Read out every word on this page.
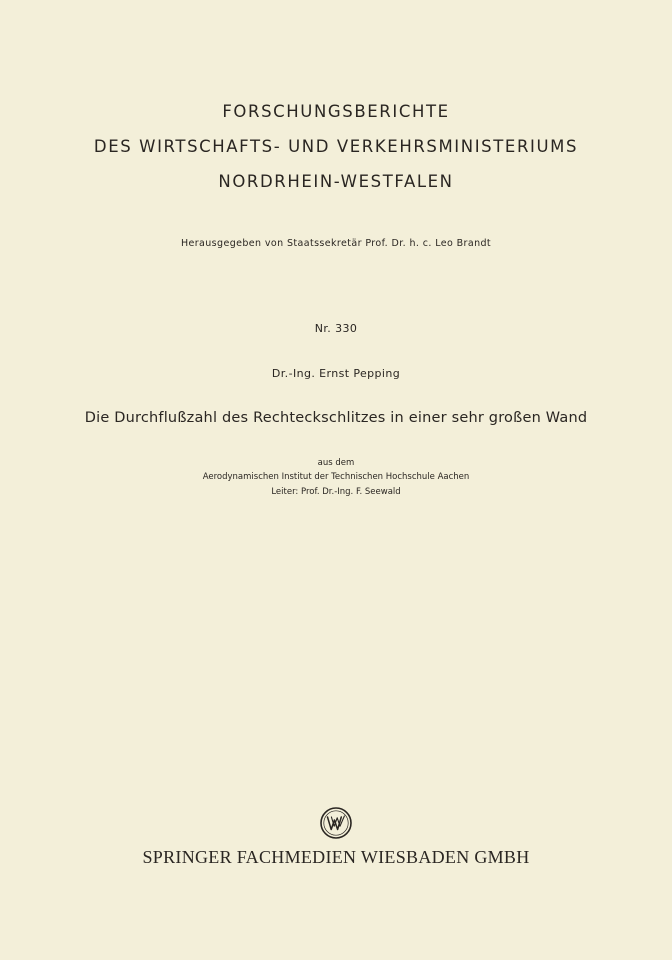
FORSCHUNGSBERICHTE
DES WIRTSCHAFTS- UND VERKEHRSMINISTERIUMS
NORDRHEIN-WESTFALEN
Herausgegeben von Staatssekretär Prof. Dr. h. c. Leo Brandt
Nr. 330
Dr.-Ing. Ernst Pepping
Die Durchflußzahl des Rechteckschlitzes in einer sehr großen Wand
aus dem
Aerodynamischen Institut der Technischen Hochschule Aachen
Leiter: Prof. Dr.-Ing. F. Seewald
SPRINGER FACHMEDIEN WIESBADEN GMBH
